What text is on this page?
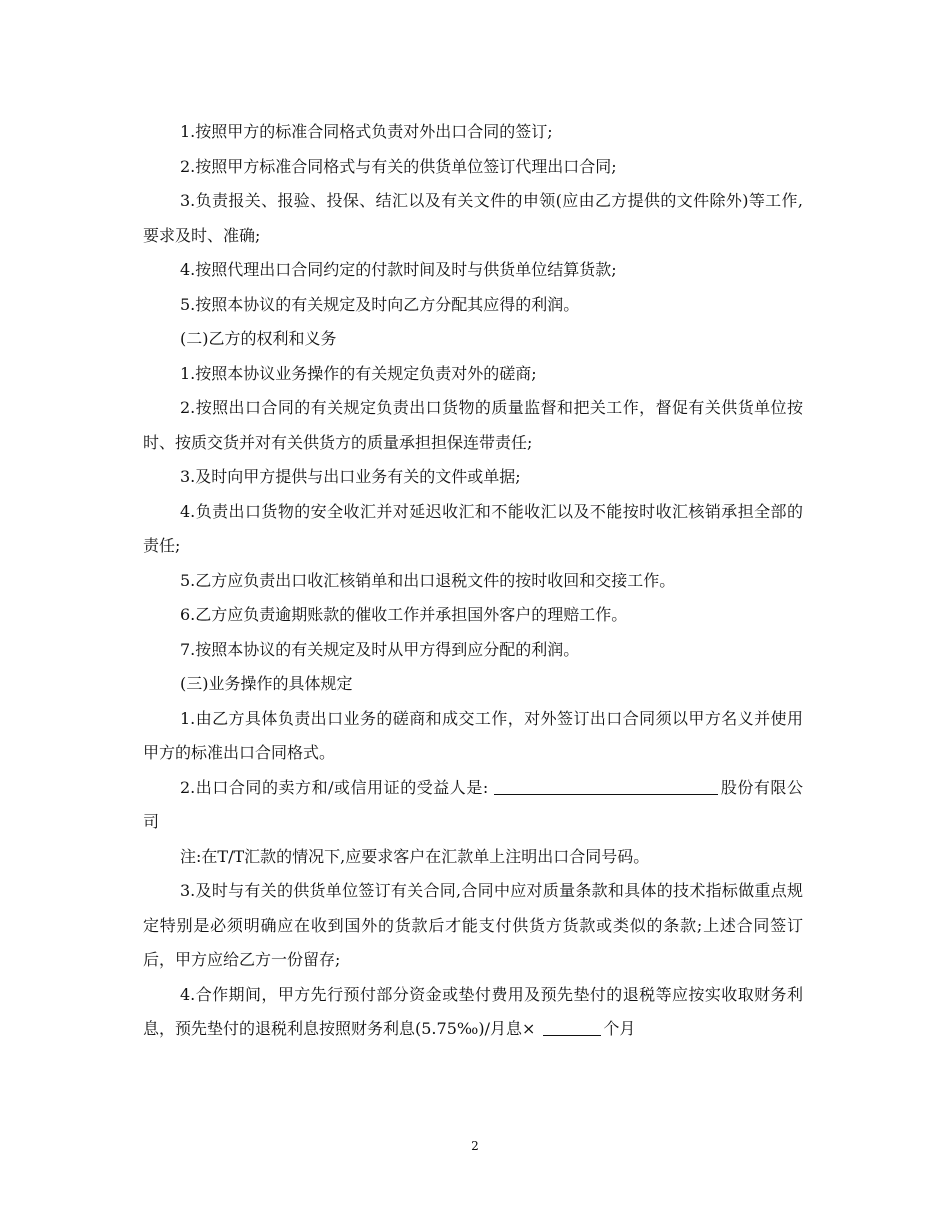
1.按照甲方的标准合同格式负责对外出口合同的签订;

2.按照甲方标准合同格式与有关的供货单位签订代理出口合同;

3.负责报关、报验、投保、结汇以及有关文件的申领(应由乙方提供的文件除外)等工作,要求及时、准确;

4.按照代理出口合同约定的付款时间及时与供货单位结算货款;

5.按照本协议的有关规定及时向乙方分配其应得的利润。

(二)乙方的权利和义务

1.按照本协议业务操作的有关规定负责对外的磋商;

2.按照出口合同的有关规定负责出口货物的质量监督和把关工作，督促有关供货单位按时、按质交货并对有关供货方的质量承担担保连带责任;

3.及时向甲方提供与出口业务有关的文件或单据;

4.负责出口货物的安全收汇并对延迟收汇和不能收汇以及不能按时收汇核销承担全部的责任;

5.乙方应负责出口收汇核销单和出口退税文件的按时收回和交接工作。

6.乙方应负责逾期账款的催收工作并承担国外客户的理赔工作。

7.按照本协议的有关规定及时从甲方得到应分配的利润。

(三)业务操作的具体规定

1.由乙方具体负责出口业务的磋商和成交工作，对外签订出口合同须以甲方名义并使用甲方的标准出口合同格式。

2.出口合同的卖方和/或信用证的受益人是:	股份有限公司

注:在T/T汇款的情况下,应要求客户在汇款单上注明出口合同号码。

3.及时与有关的供货单位签订有关合同,合同中应对质量条款和具体的技术指标做重点规定特别是必须明确应在收到国外的货款后才能支付供货方货款或类似的条款;上述合同签订后，甲方应给乙方一份留存;

4.合作期间，甲方先行预付部分资金或垫付费用及预先垫付的退税等应按实收取财务利息，预先垫付的退税利息按照财务利息(5.75‰)/月息×	个月

2
